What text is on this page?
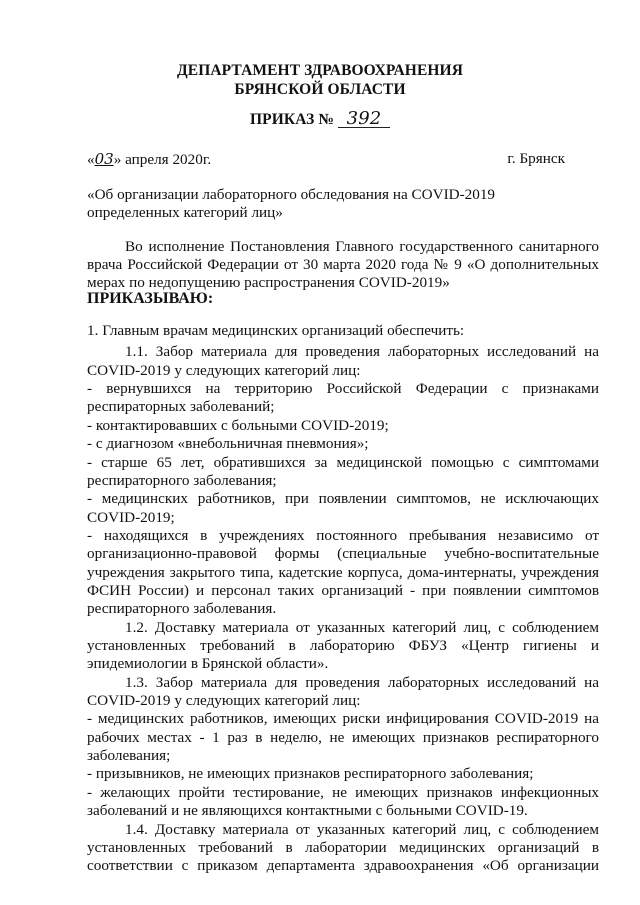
ДЕПАРТАМЕНТ ЗДРАВООХРАНЕНИЯ
БРЯНСКОЙ ОБЛАСТИ
ПРИКАЗ № 392
«03» апреля 2020г.	г. Брянск
«Об организации лабораторного обследования на COVID-2019
определенных категорий лиц»
Во исполнение Постановления Главного государственного санитарного
врача Российской Федерации от 30 марта 2020 года № 9 «О дополнительных
мерах по недопущению распространения COVID-2019»
ПРИКАЗЫВАЮ:
1. Главным врачам медицинских организаций обеспечить:
1.1. Забор материала для проведения лабораторных исследований на
COVID-2019 у следующих категорий лиц:
- вернувшихся на территорию Российской Федерации с признаками
респираторных заболеваний;
- контактировавших с больными COVID-2019;
- с диагнозом «внебольничная пневмония»;
- старше 65 лет, обратившихся за медицинской помощью с симптомами
респираторного заболевания;
- медицинских работников, при появлении симптомов, не исключающих
COVID-2019;
- находящихся в учреждениях постоянного пребывания независимо от
организационно-правовой формы (специальные учебно-воспитательные
учреждения закрытого типа, кадетские корпуса, дома-интернаты, учреждения
ФСИН России) и персонал таких организаций - при появлении симптомов
респираторного заболевания.
1.2. Доставку материала от указанных категорий лиц, с соблюдением
установленных требований в лабораторию ФБУЗ «Центр гигиены и
эпидемиологии в Брянской области».
1.3. Забор материала для проведения лабораторных исследований на
COVID-2019 у следующих категорий лиц:
- медицинских работников, имеющих риски инфицирования COVID-2019 на
рабочих местах - 1 раз в неделю, не имеющих признаков респираторного
заболевания;
- призывников, не имеющих признаков респираторного заболевания;
- желающих пройти тестирование, не имеющих признаков инфекционных
заболеваний и не являющихся контактными с больными COVID-19.
1.4. Доставку материала от указанных категорий лиц, с соблюдением
установленных требований в лаборатории медицинских организаций в
соответствии с приказом департамента здравоохранения «Об организации
